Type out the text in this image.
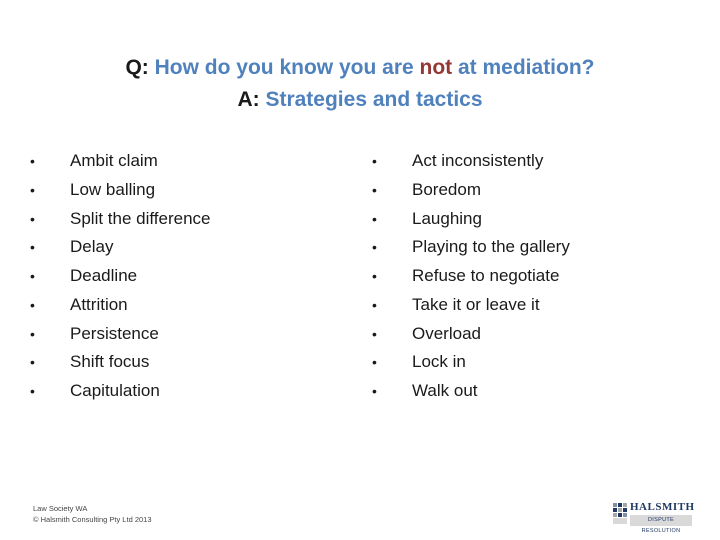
Q: How do you know you are not at mediation?
A: Strategies and tactics
• Ambit claim
• Low balling
• Split the difference
• Delay
• Deadline
• Attrition
• Persistence
• Shift focus
• Capitulation
• Act inconsistently
• Boredom
• Laughing
• Playing to the gallery
• Refuse to negotiate
• Take it or leave it
• Overload
• Lock in
• Walk out
Law Society WA
© Halsmith Consulting Pty Ltd 2013
HALSMITH
DISPUTE RESOLUTION
